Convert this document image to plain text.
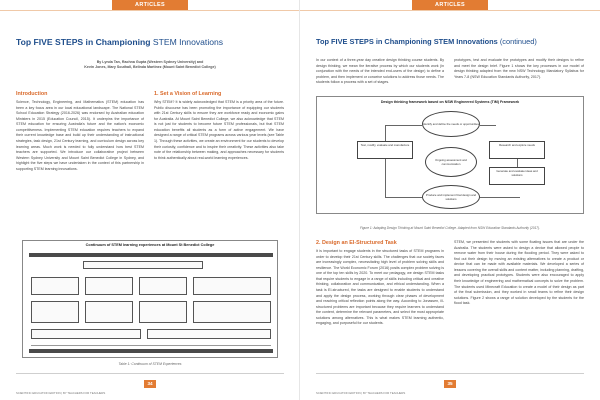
ARTICLES
Top FIVE STEPS in Championing STEM Innovations
By Lynda Tan, Rachna Gupta (Western Sydney University) and
Kevin Jones, Mary Southall, Belinda Martinez (Mount Saint Benedict College)
Introduction
Science, Technology, Engineering, and Mathematics (STEM) education has been a key focus area in our local educational landscape. The National STEM School Education Strategy (2016-2026) was endorsed by Australian education Ministers in 2015 (Education Council, 2015). It underpins the importance of STEM education for ensuring Australia's future and the nation's economic competitiveness. Implementing STEM education requires teachers to expand their current knowledge base and build up their understanding of instructional strategies, task design, 21st Century learning, and curriculum design across key learning areas. Much work is needed to fully understand how best STEM teachers are supported. We introduce our collaborative project between Western Sydney University and Mount Saint Benedict College in Sydney, and highlight the five steps we have undertaken in the context of this partnership in supporting STEM learning innovations.
1. Set a Vision of Learning
Why STEM? It is widely acknowledged that STEM is a priority area of the future. Public discourse has been promoting the importance of equipping our students with 21st Century skills to ensure they are workforce ready and economic gains for Australia. At Mount Saint Benedict College, we also acknowledge that STEM is not just for students to become future STEM professionals, but that STEM education benefits all students as a form of active engagement. We have designed a range of critical STEM programs across various year levels (see Table 1). Through these activities, we create an environment for our students to develop their curiosity, confidence and to inspire their creativity. These activities also take note of the relationship between making, and approaches necessary for students to think authentically about real-world learning experiences.
Continuum of STEM learning experiences at Mount St Benedict College
Table 1: Continuum of STEM Experiences
34
SCIENTIFIC EDUCATION EDITION | BY TEACHERS FOR TEACHERS
ARTICLES
Top FIVE STEPS in Championing STEM Innovations (continued)
In our context of a three-year day creative design thinking course students. By design thinking, we mean the iterative process by which our students work (in conjunction with the needs of the intended end-users of the design) to define a problem, and then implement or conceive solutions to address those needs. The students follow a process with a set of stages.
prototypes, test and evaluate the prototypes and modify their designs to refine and meet the design brief. Figure 1 shows the key processes in our model of design thinking adapted from the new NSW Technology Mandatory Syllabus for Years 7-8 (NSW Education Standards Authority, 2017).
Design thinking framework based on NSW Engineered Systems (TiM) Framework
Identify and define the needs or opportunities
Research and explore needs
Test, modify, evaluate and manufacture
Ongoing assessment and communication
Generate and evaluate ideas and solutions
Produce and implement final design and solutions
Figure 1: Adapting Design Thinking at Mount Saint Benedict College. Adapted from NSW Education Standards Authority (2017).
2. Design an EI-Structured Task
It is important to engage students in the structured tasks of STEM programs in order to develop their 21st Century skills. The challenges that our society faces are increasingly complex, necessitating high level of problem solving skills and resilience. The World Economic Forum (2016) posits complex problem solving is one of the top ten skills by 2020. To meet our pedagogy, we design STEM tasks that require students to engage in a range of skills including critical and creative thinking, collaboration and communication, and ethical understanding. When a task is EI-structured, the tasks are designed to enable students to understand and apply the design process, working through clear phases of development and reaching critical reflection points along the way. According to Jonassen, ill-structured problems are important because they require learners to understand the content, determine the relevant parameters, and select the most appropriate solutions among alternatives. This is what makes STEM learning authentic, engaging, and purposeful for our students.
STEM, we presented the students with some floating issues that are under the Australia. The students were asked to design a device that allowed people to remove water from their house during the flooding period. They were asked to find out their design by moving an existing alternatives to create a product or device that can be made with available materials. We developed a series of lessons covering the overall skills and content matter, including planning, drafting, and developing practical prototypes. Students were also encouraged to apply their knowledge of engineering and mathematical concepts to solve the problem. The students used Minecraft Education to create a model of their design as part of the final submission, and they worked in small teams to refine their design solutions. Figure 2 shows a range of solution developed by the students for the flood task.
35
SCIENTIFIC EDUCATION EDITION | BY TEACHERS FOR TEACHERS
